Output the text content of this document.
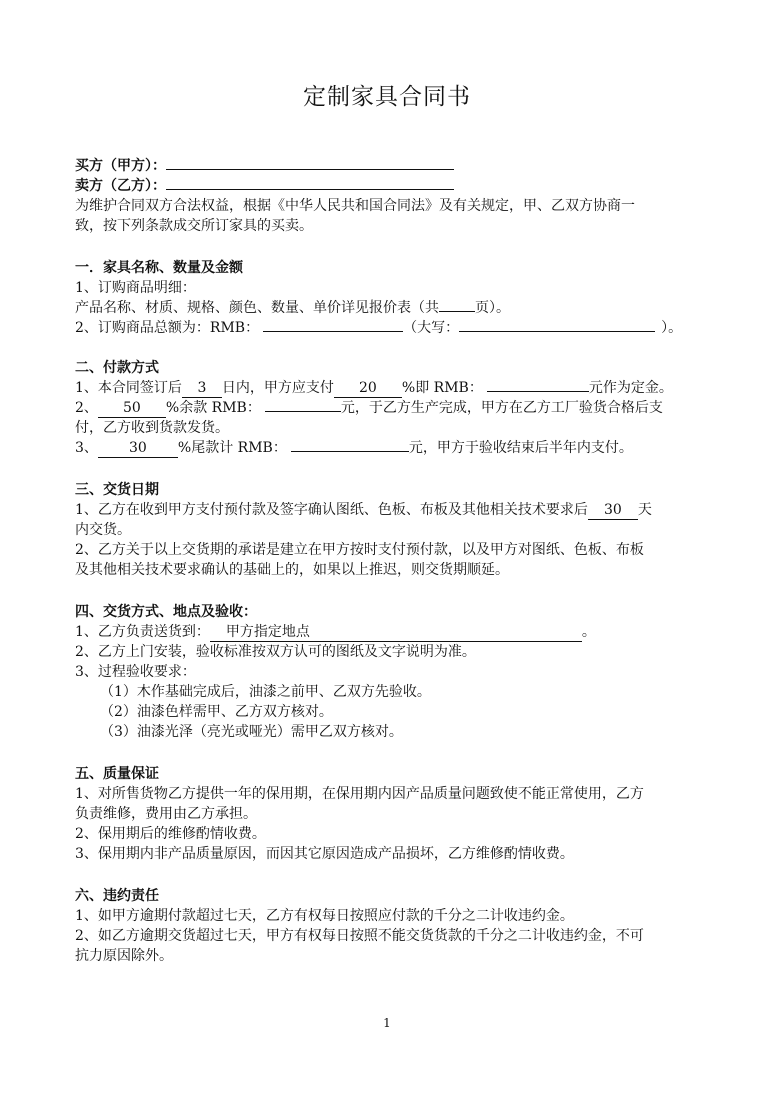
定制家具合同书
买方（甲方）：
卖方（乙方）：
为维护合同双方合法权益，根据《中华人民共和国合同法》及有关规定，甲、乙双方协商一
致，按下列条款成交所订家具的买卖。
一．家具名称、数量及金额
1、订购商品明细：
产品名称、材质、规格、颜色、数量、单价详见报价表（共	页）。
2、订购商品总额为：RMB：	（大写：	）。
二、付款方式
1、本合同签订后 3 日内，甲方应支付 20 %即 RMB：	元作为定金。
2、 50 %余款 RMB：	元，于乙方生产完成，甲方在乙方工厂验货合格后支
付，乙方收到货款发货。
3、 30 %尾款计 RMB：	元，甲方于验收结束后半年内支付。
三、交货日期
1、乙方在收到甲方支付预付款及签字确认图纸、色板、布板及其他相关技术要求后 30 天
内交货。
2、乙方关于以上交货期的承诺是建立在甲方按时支付预付款，以及甲方对图纸、色板、布板
及其他相关技术要求确认的基础上的，如果以上推迟，则交货期顺延。
四、交货方式、地点及验收：
1、乙方负责送货到： 甲方指定地点	。
2、乙方上门安装，验收标准按双方认可的图纸及文字说明为准。
3、过程验收要求：
（1）木作基础完成后，油漆之前甲、乙双方先验收。
（2）油漆色样需甲、乙方双方核对。
（3）油漆光泽（亮光或哑光）需甲乙双方核对。
五、质量保证
1、对所售货物乙方提供一年的保用期，在保用期内因产品质量问题致使不能正常使用，乙方
负责维修，费用由乙方承担。
2、保用期后的维修酌情收费。
3、保用期内非产品质量原因，而因其它原因造成产品损坏，乙方维修酌情收费。
六、违约责任
1、如甲方逾期付款超过七天，乙方有权每日按照应付款的千分之二计收违约金。
2、如乙方逾期交货超过七天，甲方有权每日按照不能交货货款的千分之二计收违约金，不可
抗力原因除外。
1
